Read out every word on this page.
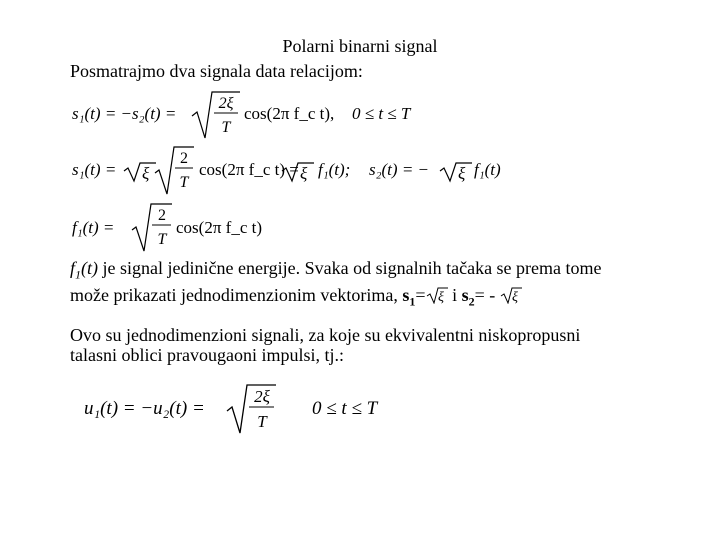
Polarni binarni signal
Posmatrajmo dva signala data relacijom:
s₁(t) = −s₂(t) =
2ξ
T
cos(2π f_c t), 0 ≤ t ≤ T
s₁(t) = ξ
2
T
cos(2π f_c t) = ξ f₁(t); s₂(t) = − ξ f₁(t)
f₁(t) =
2
T
cos(2π f_c t)
$f_1(t)$ je signal jedinične energije. Svaka od signalnih tačaka se prema tome
može prikazati jednodimenzionim vektorima, $s_1= \xi$ i $s_2= - \xi$
Ovo su jednodimenzioni signali, za koje su ekvivalentni niskopropusni
talasni oblici pravougaoni impulsi, tj.:
u₁(t) = −u₂(t) =
2ξ
T
0 ≤ t ≤ T
